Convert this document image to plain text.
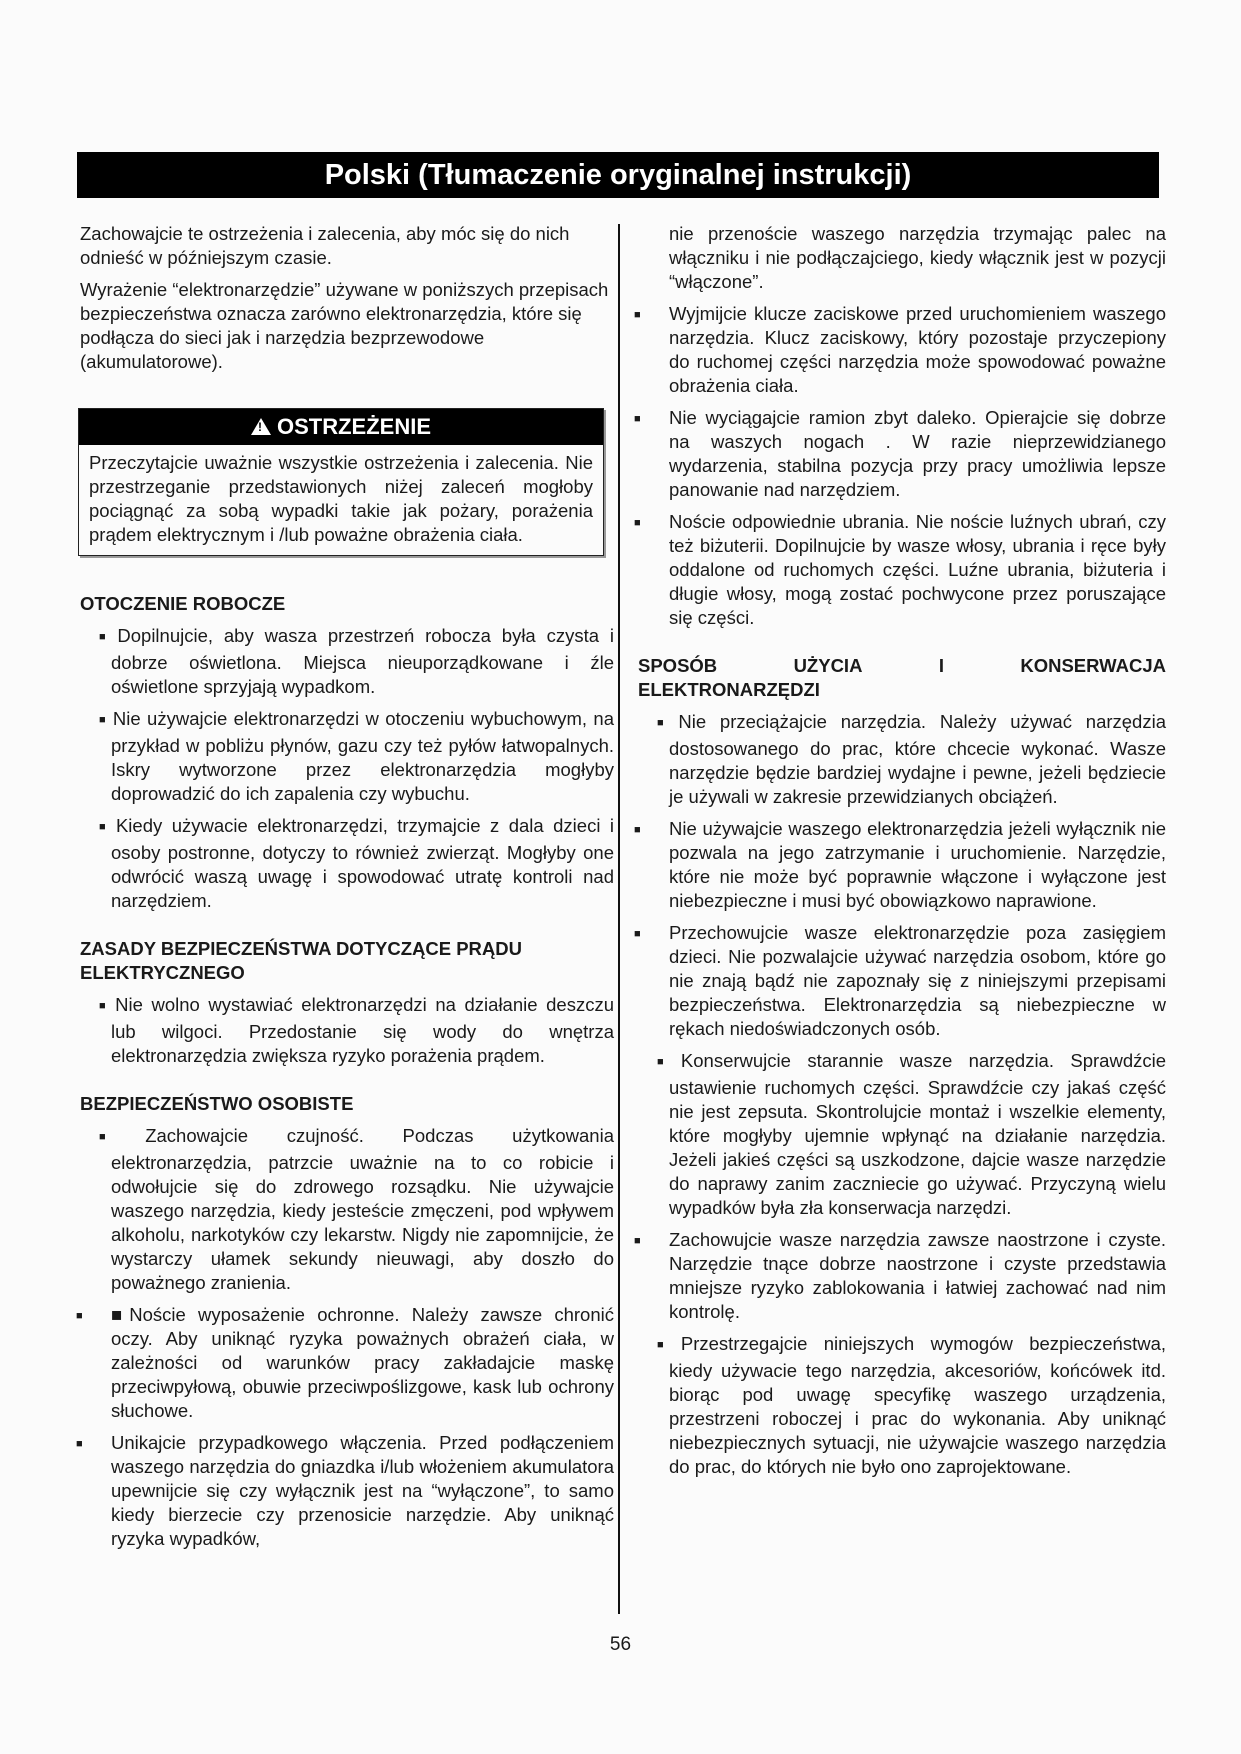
Polski (Tłumaczenie oryginalnej instrukcji)

Zachowajcie te ostrzeżenia i zalecenia, aby móc się do nich odnieść w późniejszym czasie.

Wyrażenie “elektronarzędzie” używane w poniższych przepisach bezpieczeństwa oznacza zarówno elektronarzędzia, które się podłącza do sieci jak i narzędzia bezprzewodowe (akumulatorowe).

!OSTRZEŻENIE
Przeczytajcie uważnie wszystkie ostrzeżenia i zalecenia. Nie przestrzeganie przedstawionych niżej zaleceń mogłoby pociągnąć za sobą wypadki takie jak pożary, porażenia prądem elektrycznym i /lub poważne obrażenia ciała.
OTOCZENIE ROBOCZE
■ Dopilnujcie, aby wasza przestrzeń robocza była czysta i dobrze oświetlona. Miejsca nieuporządkowane i źle oświetlone sprzyjają wypadkom.
■ Nie używajcie elektronarzędzi w otoczeniu wybuchowym, na przykład w pobliżu płynów, gazu czy też pyłów łatwopalnych. Iskry wytworzone przez elektronarzędzia mogłyby doprowadzić do ich zapalenia czy wybuchu.
■ Kiedy używacie elektronarzędzi, trzymajcie z dala dzieci i osoby postronne, dotyczy to również zwierząt. Mogłyby one odwrócić waszą uwagę i spowodować utratę kontroli nad narzędziem.
ZASADY BEZPIECZEŃSTWA DOTYCZĄCE PRĄDU ELEKTRYCZNEGO
■ Nie wolno wystawiać elektronarzędzi na działanie deszczu lub wilgoci. Przedostanie się wody do wnętrza elektronarzędzia zwiększa ryzyko porażenia prądem.
BEZPIECZEŃSTWO OSOBISTE
■ Zachowajcie czujność. Podczas użytkowania elektronarzędzia, patrzcie uważnie na to co robicie i odwołujcie się do zdrowego rozsądku. Nie używajcie waszego narzędzia, kiedy jesteście zmęczeni, pod wpływem alkoholu, narkotyków czy lekarstw. Nigdy nie zapomnijcie, że wystarczy ułamek sekundy nieuwagi, aby doszło do poważnego zranienia.
■ ■Noście wyposażenie ochronne. Należy zawsze chronić oczy. Aby uniknąć ryzyka poważnych obrażeń ciała, w zależności od warunków pracy zakładajcie maskę przeciwpyłową, obuwie przeciwpoślizgowe, kask lub ochrony słuchowe.
■ Unikajcie przypadkowego włączenia. Przed podłączeniem waszego narzędzia do gniazdka i/lub włożeniem akumulatora upewnijcie się czy wyłącznik jest na “wyłączone”, to samo kiedy bierzecie czy przenosicie narzędzie. Aby uniknąć ryzyka wypadków,
nie przenoście waszego narzędzia trzymając palec na włączniku i nie podłączajciego, kiedy włącznik jest w pozycji “włączone”.
■ Wyjmijcie klucze zaciskowe przed uruchomieniem waszego narzędzia. Klucz zaciskowy, który pozostaje przyczepiony do ruchomej części narzędzia może spowodować poważne obrażenia ciała.
■ Nie wyciągajcie ramion zbyt daleko. Opierajcie się dobrze na waszych nogach . W razie nieprzewidzianego wydarzenia, stabilna pozycja przy pracy umożliwia lepsze panowanie nad narzędziem.
■ Noście odpowiednie ubrania. Nie noście luźnych ubrań, czy też biżuterii. Dopilnujcie by wasze włosy, ubrania i ręce były oddalone od ruchomych części. Luźne ubrania, biżuteria i długie włosy, mogą zostać pochwycone przez poruszające się części.
SPOSÓB	UŻYCIA	I	KONSERWACJA
ELEKTRONARZĘDZI
■ Nie przeciążajcie narzędzia. Należy używać narzędzia dostosowanego do prac, które chcecie wykonać. Wasze narzędzie będzie bardziej wydajne i pewne, jeżeli będziecie je używali w zakresie przewidzianych obciążeń.
■ Nie używajcie waszego elektronarzędzia jeżeli wyłącznik nie pozwala na jego zatrzymanie i uruchomienie. Narzędzie, które nie może być poprawnie włączone i wyłączone jest niebezpieczne i musi być obowiązkowo naprawione.
■ Przechowujcie wasze elektronarzędzie poza zasięgiem dzieci. Nie pozwalajcie używać narzędzia osobom, które go nie znają bądź nie zapoznały się z niniejszymi przepisami bezpieczeństwa. Elektronarzędzia są niebezpieczne w rękach niedoświadczonych osób.
■ Konserwujcie starannie wasze narzędzia. Sprawdźcie ustawienie ruchomych części. Sprawdźcie czy jakaś część nie jest zepsuta. Skontrolujcie montaż i wszelkie elementy, które mogłyby ujemnie wpłynąć na działanie narzędzia. Jeżeli jakieś części są uszkodzone, dajcie wasze narzędzie do naprawy zanim zaczniecie go używać. Przyczyną wielu wypadków była zła konserwacja narzędzi.
■ Zachowujcie wasze narzędzia zawsze naostrzone i czyste. Narzędzie tnące dobrze naostrzone i czyste przedstawia mniejsze ryzyko zablokowania i łatwiej zachować nad nim kontrolę.
■ Przestrzegajcie niniejszych wymogów bezpieczeństwa, kiedy używacie tego narzędzia, akcesoriów, końcówek itd. biorąc pod uwagę specyfikę waszego urządzenia, przestrzeni roboczej i prac do wykonania. Aby uniknąć niebezpiecznych sytuacji, nie używajcie waszego narzędzia do prac, do których nie było ono zaprojektowane.
56
